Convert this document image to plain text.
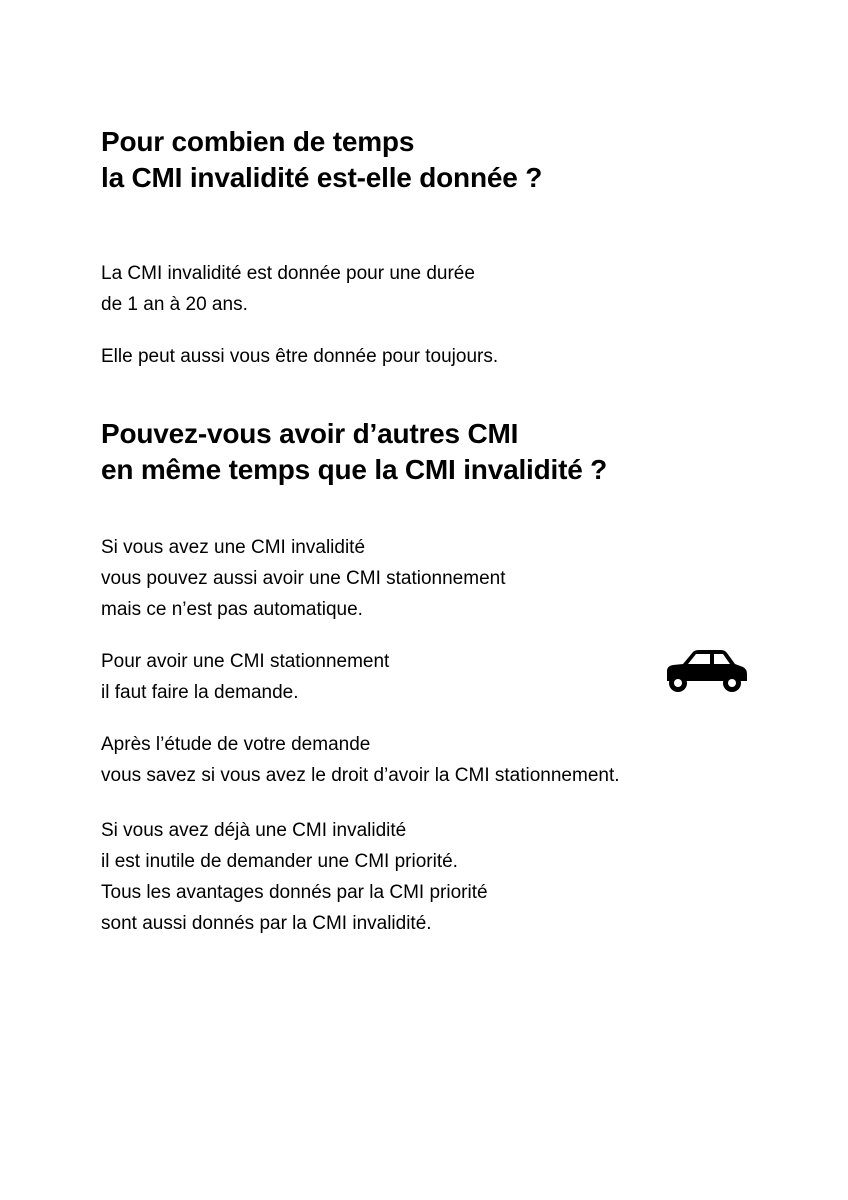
Pour combien de temps
la CMI invalidité est-elle donnée ?

La CMI invalidité est donnée pour une durée
de 1 an à 20 ans.

Elle peut aussi vous être donnée pour toujours.

Pouvez-vous avoir d’autres CMI
en même temps que la CMI invalidité ?

Si vous avez une CMI invalidité
vous pouvez aussi avoir une CMI stationnement
mais ce n’est pas automatique.

Pour avoir une CMI stationnement
il faut faire la demande.

Après l’étude de votre demande
vous savez si vous avez le droit d’avoir la CMI stationnement.

Si vous avez déjà une CMI invalidité
il est inutile de demander une CMI priorité.
Tous les avantages donnés par la CMI priorité
sont aussi donnés par la CMI invalidité.
